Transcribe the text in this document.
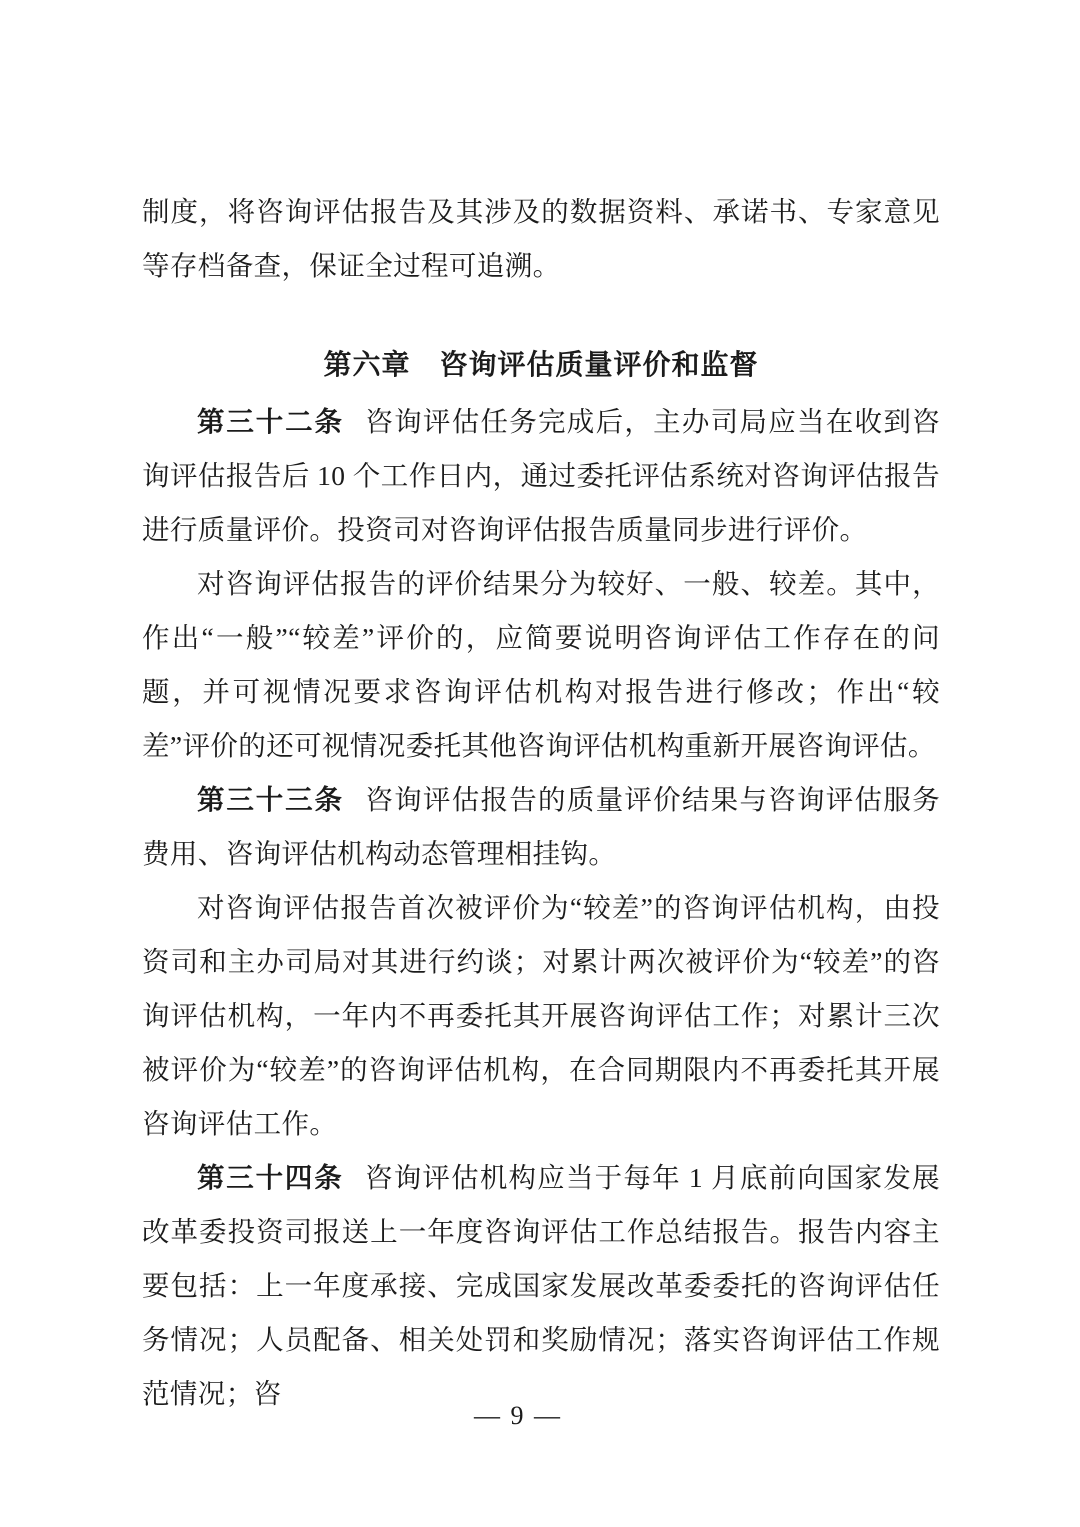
制度，将咨询评估报告及其涉及的数据资料、承诺书、专家意见等存档备查，保证全过程可追溯。

第六章　咨询评估质量评价和监督

第三十二条 咨询评估任务完成后，主办司局应当在收到咨询评估报告后 10 个工作日内，通过委托评估系统对咨询评估报告进行质量评价。投资司对咨询评估报告质量同步进行评价。

对咨询评估报告的评价结果分为较好、一般、较差。其中，作出“一般”“较差”评价的，应简要说明咨询评估工作存在的问题，并可视情况要求咨询评估机构对报告进行修改；作出“较差”评价的还可视情况委托其他咨询评估机构重新开展咨询评估。

第三十三条 咨询评估报告的质量评价结果与咨询评估服务费用、咨询评估机构动态管理相挂钩。

对咨询评估报告首次被评价为“较差”的咨询评估机构，由投资司和主办司局对其进行约谈；对累计两次被评价为“较差”的咨询评估机构，一年内不再委托其开展咨询评估工作；对累计三次被评价为“较差”的咨询评估机构，在合同期限内不再委托其开展咨询评估工作。

第三十四条 咨询评估机构应当于每年 1 月底前向国家发展改革委投资司报送上一年度咨询评估工作总结报告。报告内容主要包括：上一年度承接、完成国家发展改革委委托的咨询评估任务情况；人员配备、相关处罚和奖励情况；落实咨询评估工作规范情况；咨

— 9 —
